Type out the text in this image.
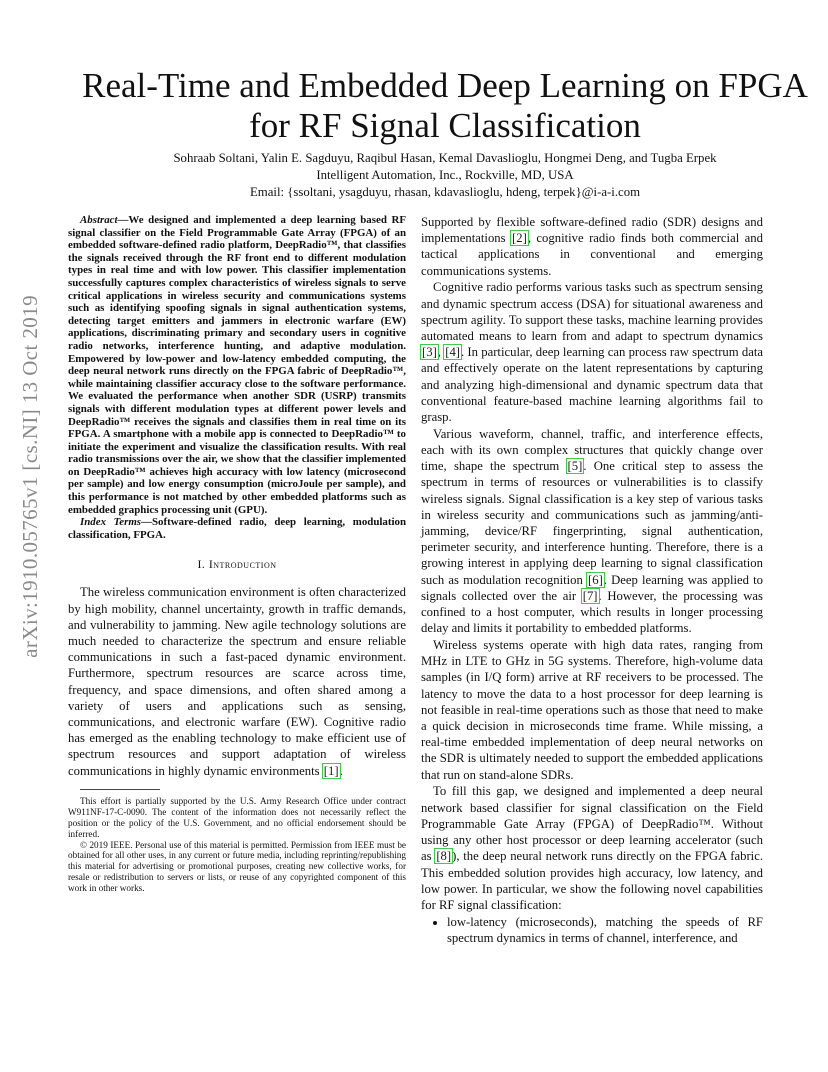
arXiv:1910.05765v1 [cs.NI] 13 Oct 2019
Real-Time and Embedded Deep Learning on FPGA
for RF Signal Classification
Sohraab Soltani, Yalin E. Sagduyu, Raqibul Hasan, Kemal Davaslioglu, Hongmei Deng, and Tugba Erpek
Intelligent Automation, Inc., Rockville, MD, USA
Email: {ssoltani, ysagduyu, rhasan, kdavaslioglu, hdeng, terpek}@i-a-i.com

Abstract—We designed and implemented a deep learning based RF signal classifier on the Field Programmable Gate Array (FPGA) of an embedded software-defined radio platform, DeepRadio™, that classifies the signals received through the RF front end to different modulation types in real time and with low power. This classifier implementation successfully captures complex characteristics of wireless signals to serve critical applications in wireless security and communications systems such as identifying spoofing signals in signal authentication systems, detecting target emitters and jammers in electronic warfare (EW) applications, discriminating primary and secondary users in cognitive radio networks, interference hunting, and adaptive modulation. Empowered by low-power and low-latency embedded computing, the deep neural network runs directly on the FPGA fabric of DeepRadio™, while maintaining classifier accuracy close to the software performance. We evaluated the performance when another SDR (USRP) transmits signals with different modulation types at different power levels and DeepRadio™ receives the signals and classifies them in real time on its FPGA. A smartphone with a mobile app is connected to DeepRadio™ to initiate the experiment and visualize the classification results. With real radio transmissions over the air, we show that the classifier implemented on DeepRadio™ achieves high accuracy with low latency (microsecond per sample) and low energy consumption (microJoule per sample), and this performance is not matched by other embedded platforms such as embedded graphics processing unit (GPU).

Index Terms—Software-defined radio, deep learning, modulation classification, FPGA.

I. Introduction

The wireless communication environment is often characterized by high mobility, channel uncertainty, growth in traffic demands, and vulnerability to jamming. New agile technology solutions are much needed to characterize the spectrum and ensure reliable communications in such a fast-paced dynamic environment. Furthermore, spectrum resources are scarce across time, frequency, and space dimensions, and often shared among a variety of users and applications such as sensing, communications, and electronic warfare (EW). Cognitive radio has emerged as the enabling technology to make efficient use of spectrum resources and support adaptation of wireless communications in highly dynamic environments [1].

This effort is partially supported by the U.S. Army Research Office under contract W911NF-17-C-0090. The content of the information does not necessarily reflect the position or the policy of the U.S. Government, and no official endorsement should be inferred.

© 2019 IEEE. Personal use of this material is permitted. Permission from IEEE must be obtained for all other uses, in any current or future media, including reprinting/republishing this material for advertising or promotional purposes, creating new collective works, for resale or redistribution to servers or lists, or reuse of any copyrighted component of this work in other works.

Supported by flexible software-defined radio (SDR) designs and implementations [2], cognitive radio finds both commercial and tactical applications in conventional and emerging communications systems.

Cognitive radio performs various tasks such as spectrum sensing and dynamic spectrum access (DSA) for situational awareness and spectrum agility. To support these tasks, machine learning provides automated means to learn from and adapt to spectrum dynamics [3], [4]. In particular, deep learning can process raw spectrum data and effectively operate on the latent representations by capturing and analyzing high-dimensional and dynamic spectrum data that conventional feature-based machine learning algorithms fail to grasp.

Various waveform, channel, traffic, and interference effects, each with its own complex structures that quickly change over time, shape the spectrum [5]. One critical step to assess the spectrum in terms of resources or vulnerabilities is to classify wireless signals. Signal classification is a key step of various tasks in wireless security and communications such as jamming/anti-jamming, device/RF fingerprinting, signal authentication, perimeter security, and interference hunting. Therefore, there is a growing interest in applying deep learning to signal classification such as modulation recognition [6]. Deep learning was applied to signals collected over the air [7]. However, the processing was confined to a host computer, which results in longer processing delay and limits it portability to embedded platforms.

Wireless systems operate with high data rates, ranging from MHz in LTE to GHz in 5G systems. Therefore, high-volume data samples (in I/Q form) arrive at RF receivers to be processed. The latency to move the data to a host processor for deep learning is not feasible in real-time operations such as those that need to make a quick decision in microseconds time frame. While missing, a real-time embedded implementation of deep neural networks on the SDR is ultimately needed to support the embedded applications that run on stand-alone SDRs.

To fill this gap, we designed and implemented a deep neural network based classifier for signal classification on the Field Programmable Gate Array (FPGA) of DeepRadio™. Without using any other host processor or deep learning accelerator (such as [8]), the deep neural network runs directly on the FPGA fabric. This embedded solution provides high accuracy, low latency, and low power. In particular, we show the following novel capabilities for RF signal classification:

• low-latency (microseconds), matching the speeds of RF spectrum dynamics in terms of channel, interference, and
